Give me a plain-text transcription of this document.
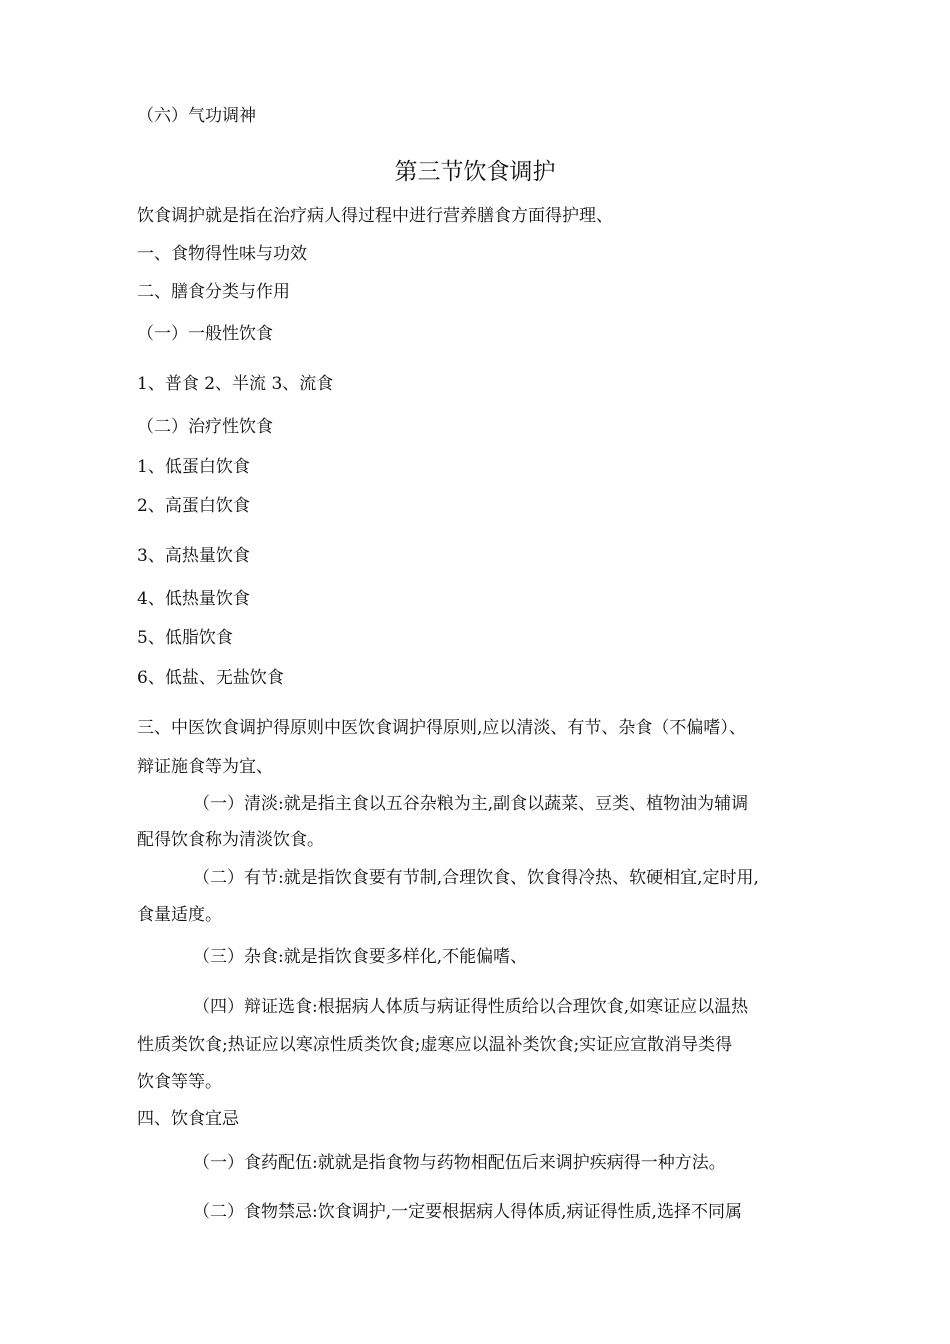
（六）气功调神
第三节饮食调护
饮食调护就是指在治疗病人得过程中进行营养膳食方面得护理、
一、食物得性味与功效
二、膳食分类与作用
（一）一般性饮食
1、普食 2、半流 3、流食
（二）治疗性饮食
1、低蛋白饮食
2、高蛋白饮食
3、高热量饮食
4、低热量饮食
5、低脂饮食
6、低盐、无盐饮食
三、中医饮食调护得原则中医饮食调护得原则,应以清淡、有节、杂食（不偏嗜）、
辩证施食等为宜、
（一）清淡:就是指主食以五谷杂粮为主,副食以蔬菜、豆类、植物油为辅调
配得饮食称为清淡饮食。
（二）有节:就是指饮食要有节制,合理饮食、饮食得冷热、软硬相宜,定时用,
食量适度。
（三）杂食:就是指饮食要多样化,不能偏嗜、
（四）辩证选食:根据病人体质与病证得性质给以合理饮食,如寒证应以温热
性质类饮食;热证应以寒凉性质类饮食;虚寒应以温补类饮食;实证应宣散消导类得
饮食等等。
四、饮食宜忌
（一）食药配伍:就就是指食物与药物相配伍后来调护疾病得一种方法。
（二）食物禁忌:饮食调护,一定要根据病人得体质,病证得性质,选择不同属
